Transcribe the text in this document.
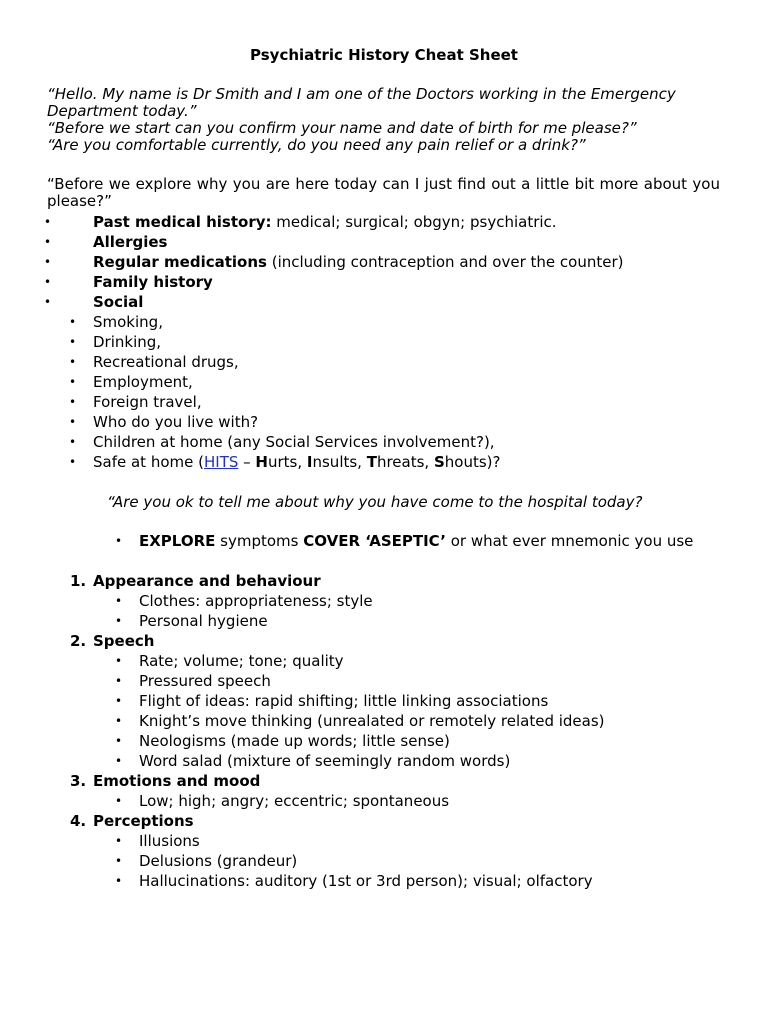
Psychiatric History Cheat Sheet

“Hello. My name is Dr Smith and I am one of the Doctors working in the Emergency Department today.”

“Before we start can you confirm your name and date of birth for me please?”

“Are you comfortable currently, do you need any pain relief or a drink?”

“Before we explore why you are here today can I just find out a little bit more about you please?”
•	Past medical history: medical; surgical; obgyn; psychiatric.
•	Allergies
•	Regular medications (including contraception and over the counter)
•	Family history
•	Social
• Smoking,
• Drinking,
• Recreational drugs,
• Employment,
• Foreign travel,
• Who do you live with?
• Children at home (any Social Services involvement?),
• Safe at home (HITS – Hurts, Insults, Threats, Shouts)?
“Are you ok to tell me about why you have come to the hospital today?
• EXPLORE symptoms COVER ‘ASEPTIC’ or what ever mnemonic you use
1. Appearance and behaviour
• Clothes: appropriateness; style
• Personal hygiene
2. Speech
• Rate; volume; tone; quality
• Pressured speech
• Flight of ideas: rapid shifting; little linking associations
• Knight’s move thinking (unrealated or remotely related ideas)
• Neologisms (made up words; little sense)
• Word salad (mixture of seemingly random words)
3. Emotions and mood
• Low; high; angry; eccentric; spontaneous
4. Perceptions
• Illusions
• Delusions (grandeur)
• Hallucinations: auditory (1st or 3rd person); visual; olfactory
